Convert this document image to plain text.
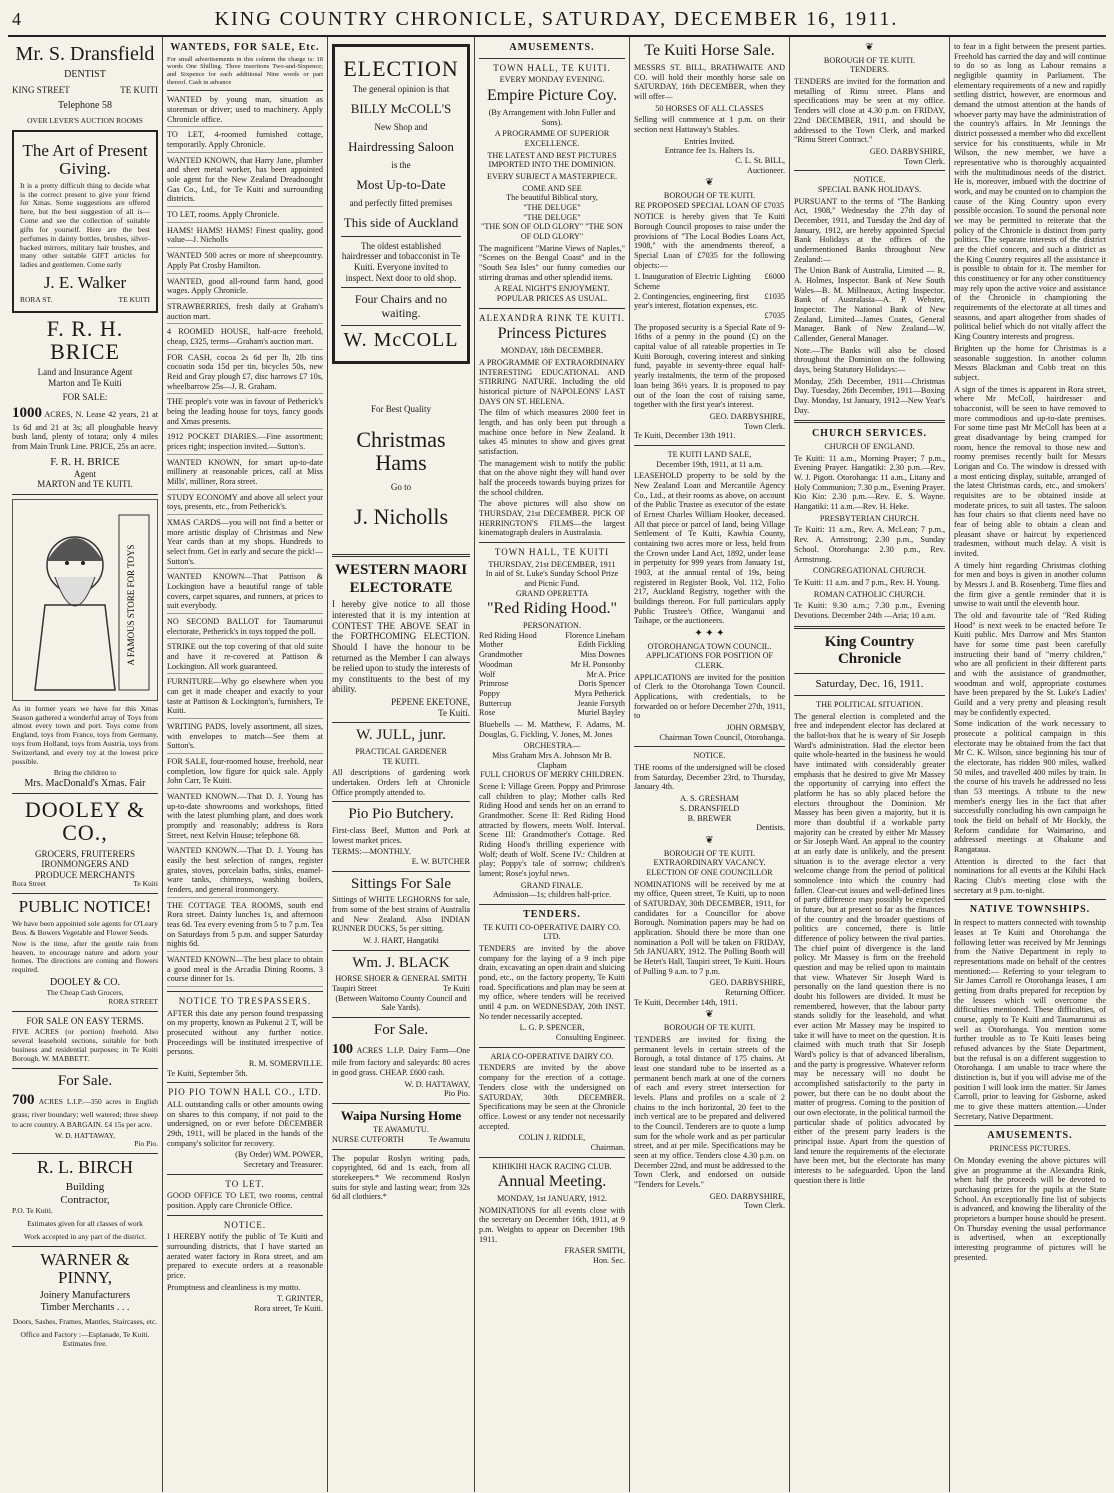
4	KING COUNTRY CHRONICLE, SATURDAY, DECEMBER 16, 1911.
Mr. S. Dransfield
DENTIST
KING STREET	TE KUITI
Telephone 58
OVER LEVER'S AUCTION ROOMS
The Art of Present Giving.

It is a pretty difficult thing to decide what is the correct present to give your friend for Xmas. Some suggestions are offered here, but the best suggestion of all is—Come and see the collection of suitable gifts for yourself. Here are the best perfumes in dainty bottles, brushes, silver-backed mirrors, military hair brushes, and many other suitable GIFT articles for ladies and gentlemen. Come early

J. E. Walker
RORA ST.	TE KUITI
F. R. H. BRICE
Land and Insurance Agent
Marton and Te Kuiti
FOR SALE:

1000 ACRES, N. Lease 42 years, 21 at 1s 6d and 21 at 3s; all ploughable heavy bush land, plenty of totara; only 4 miles from Main Trunk Line. PRICE, 25s an acre.

F. R. H. BRICE
Agent
MARTON and TE KUITI.
A FAMOUS STORE FOR TOYS

As in former years we have for this Xmas Season gathered a wonderful array of Toys from almost every town and port. Toys come from England, toys from France, toys from Germany, toys from Holland, toys from Austria, toys from Switzerland, and every toy at the lowest price possible.

Bring the children to
Mrs. MacDonald's Xmas. Fair
DOOLEY & CO.,
GROCERS, FRUITERERS
IRONMONGERS AND
PRODUCE MERCHANTS
Rora Street	Te Kuiti
PUBLIC NOTICE!

We have been appointed sole agents for O'Leary Bros. & Bowers Vegetable and Flower Seeds.

Now is the time, after the gentle rain from heaven, to encourage nature and adorn your homes. The directions are coming and flowers required.

DOOLEY & CO.
The Cheap Cash Grocers,
RORA STREET
FOR SALE ON EASY TERMS.

FIVE ACRES (or portion) freehold. Also several leasehold sections, suitable for both business and residential purposes; in Te Kuiti Borough. W. MABBETT.

For Sale.

700 ACRES L.I.P.—350 acres in English grass; river boundary; well watered; three sheep to acre country. A BARGAIN. £4 15s per acre.

W. D. HATTAWAY,
Pio Pio.
R. L. BIRCH
Building
Contractor,
P.O. Te Kuiti.
Estimates given for all classes of work
Work accepted in any part of the district.
WARNER & PINNY,
Joinery Manufacturers
Timber Merchants . . .
Doors, Sashes, Frames, Mantles, Staircases, etc.
Office and Factory :—Esplanade, Te Kuiti.
Estimates free.
WANTEDS, FOR SALE, Etc.

For small advertisements in this column the charge is: 18 words One Shilling. Three insertions Two-and-Sixpence; and Sixpence for each additional Nine words or part thereof. Cash in advance

WANTED by young man, situation as storeman or driver; used to machinery. Apply Chronicle office.

TO LET, 4-roomed furnished cottage, temporarily. Apply Chronicle.

WANTED KNOWN, that Harry Jane, plumber and sheet metal worker, has been appointed sole agent for the New Zealand Dreadnought Gas Co., Ltd., for Te Kuiti and surrounding districts.

TO LET, rooms. Apply Chronicle.

HAMS! HAMS! HAMS! Finest quality, good value—J. Nicholls

WANTED 500 acres or more of sheepcountry. Apply Pat Crosby Hamilton.

WANTED, good all-round farm hand, good wages. Apply Chronicle.

STRAWBERRIES, fresh daily at Graham's auction mart.

4 ROOMED HOUSE, half-acre freehold, cheap, £325, terms—Graham's auction mart.

FOR CASH, cocoa 2s 6d per lb, 2lb tins cocoatin soda 15d per tin, bicycles 50s, new Reid and Gray plough £7, disc harrows £7 10s, wheelbarrow 25s—J. R. Graham.

THE people's vote was in favour of Petherick's being the leading house for toys, fancy goods and Xmas presents.

1912 POCKET DIARIES.—Fine assortment; prices right; inspection invited.—Sutton's.

WANTED KNOWN, for smart up-to-date millinery at reasonable prices, call at Miss Mills', milliner, Rora street.

STUDY ECONOMY and above all select your toys, presents, etc., from Petherick's.

XMAS CARDS—you will not find a better or more artistic display of Christmas and New Year cards than at my shops. Hundreds to select from. Get in early and secure the pick!—Sutton's.

WANTED KNOWN—That Pattison & Lockington have a beautiful range of table covers, carpet squares, and runners, at prices to suit everybody.

NO SECOND BALLOT for Taumarunui electorate, Petherick's in toys topped the poll.

STRIKE out the top covering of that old suite and have it re-covered at Pattison & Lockington. All work guaranteed.

FURNITURE—Why go elsewhere when you can get it made cheaper and exactly to your taste at Pattison & Lockington's, furnishers, Te Kuiti.

WRITING PADS, lovely assortment, all sizes, with envelopes to match—See them at Sutton's.

FOR SALE, four-roomed house, freehold, near completion, low figure for quick sale. Apply John Carr, Te Kuiti.

WANTED KNOWN.—That D. J. Young has up-to-date showrooms and workshops, fitted with the latest plumbing plant, and does work promptly and reasonably; address is Rora Street, next Kelvin House; telephone 68.

WANTED KNOWN.—That D. J. Young has easily the best selection of ranges, register grates, stoves, porcelain baths, sinks, enamel-ware tanks, chimneys, washing boilers, fenders, and general ironmongery.

THE COTTAGE TEA ROOMS, south end Rora street. Dainty lunches 1s, and afternoon teas 6d. Tea every evening from 5 to 7 p.m. Tea on Saturdays from 5 p.m. and supper Saturday nights 6d.

WANTED KNOWN—The best place to obtain a good meal is the Arcadia Dining Rooms. 3 course dinner for 1s.

NOTICE TO TRESPASSERS.

AFTER this date any person found trespassing on my property, known as Pukenui 2 T, will be prosecuted without any further notice. Proceedings will be instituted irrespective of persons.

R. M. SOMERVILLE.
Te Kuiti, September 5th.
PIO PIO TOWN HALL CO., LTD.

ALL outstanding calls or other amounts owing on shares to this company, if not paid to the undersigned, on or ever before DECEMBER 29th, 1911, will be placed in the hands of the company's solicitor for recovery.

(By Order) WM. POWER,
Secretary and Treasurer.
TO LET.

GOOD OFFICE TO LET, two rooms, central position. Apply care Chronicle Office.

NOTICE.

I HEREBY notify the public of Te Kuiti and surrounding districts, that I have started an aerated water factory in Rora street, and am prepared to execute orders at a reasonable price.

Promptness and cleanliness is my motto.

T. GRINTER,
Rora street, Te Kuiti.
ELECTION
The general opinion is that
BILLY McCOLL'S
New Shop and
Hairdressing Saloon
is the
Most Up-to-Date
and perfectly fitted premises
This side of Auckland

The oldest established hairdresser and tobacconist in Te Kuiti. Everyone invited to inspect. Next door to old shop.

Four Chairs and no waiting.
W. McCOLL
For Best Quality
Christmas Hams
Go to
J. Nicholls
WESTERN MAORI ELECTORATE

I hereby give notice to all those interested that it is my intention at CONTEST THE ABOVE SEAT in the FORTHCOMING ELECTION. Should I have the honour to be returned as the Member I can always be relied upon to study the interests of my constituents to the best of my ability.

PEPENE EKETONE,
Te Kuiti.
W. JULL, junr.
PRACTICAL GARDENER
TE KUITI.

All descriptions of gardening work undertaken. Orders left at Chronicle Office promptly attended to.

Pio Pio Butchery.

First-class Beef, Mutton and Pork at lowest market prices.

TERMS:—MONTHLY.
E. W. BUTCHER
Sittings For Sale

Sittings of WHITE LEGHORNS for sale, from some of the best strains of Australia and New Zealand. Also INDIAN RUNNER DUCKS, 5s per sitting.

W. J. HART, Hangatiki
Wm. J. BLACK
HORSE SHOER & GENERAL SMITH
Taupiri Street	Te Kuiti
(Between Waitomo County Council and Sale Yards).
For Sale.

100 ACRES L.I.P. Dairy Farm—One mile from factory and saleyards: 80 acres in good grass. CHEAP. £600 cash.

W. D. HATTAWAY,
Pio Pio.
Waipa Nursing Home
TE AWAMUTU.
NURSE CUTFORTH	Te Awamutu

The popular Roslyn writing pads, copyrighted, 6d and 1s each, from all storekeepers.* We recommend Roslyn suits for style and lasting wear; from 32s 6d all clothiers.*

AMUSEMENTS.
TOWN HALL, TE KUITI.
EVERY MONDAY EVENING.
Empire Picture Coy.
(By Arrangement with John Fuller and Sons).

A PROGRAMME OF SUPERIOR EXCELLENCE.

THE LATEST AND BEST PICTURES IMPORTED INTO THE DOMINION.

EVERY SUBJECT A MASTERPIECE.

COME AND SEE
The beautiful Biblical story,
"THE DELUGE"
"THE DELUGE"
"THE SON OF OLD GLORY" "THE SON OF OLD GLORY"

The magnificent "Marine Views of Naples," "Scenes on the Bengal Coast" and in the "South Sea Isles" our funny comedies our stirring dramas and other splendid items.

A REAL NIGHT'S ENJOYMENT. POPULAR PRICES AS USUAL.
ALEXANDRA RINK TE KUITI.
Princess Pictures
MONDAY, 18th DECEMBER.

A PROGRAMME OF EXTRAORDINARY INTERESTING EDUCATIONAL AND STIRRING NATURE. Including the old historical picture of NAPOLEONS' LAST DAYS ON ST. HELENA.

The film of which measures 2000 feet in length, and has only been put through a machine once before in New Zealand. It takes 45 minutes to show and gives great satisfaction.

The management wish to notify the public that on the above night they will hand over half the proceeds towards buying prizes for the school children.

The above pictures will also show on THURSDAY, 21st DECEMBER. PICK OF HERRINGTON'S FILMS—the largest kinematograph dealers in Australasia.

TOWN HALL, TE KUITI
THURSDAY, 21st DECEMBER, 1911
In aid of St. Luke's Sunday School Prize and Picnic Fund.
GRAND OPERETTA
"Red Riding Hood."
PERSONATION.
Red Riding Hood	Florence Lineham
Mother	Edith Fickling
Grandmother	Miss Downes
Woodman	Mr H. Ponsonby
Wolf	Mr A. Price
Primrose	Doris Spencer
Poppy	Myra Petherick
Buttercup	Jeanie Forsyth
Rose	Muriel Bayley

Bluebells — M. Matthew, F. Adams, M. Douglas, G. Fickling, V. Jones, M. Jones

ORCHESTRA—
Miss Graham Mrs A. Johnson Mr B. Clapham
FULL CHORUS OF MERRY CHILDREN.

Scene I: Village Green. Poppy and Primrose call children to play; Mother calls Red Riding Hood and sends her on an errand to Grandmother. Scene II: Red Riding Hood attracted by flowers, meets Wolf. Interval. Scene III: Grandmother's Cottage. Red Riding Hood's thrilling experience with Wolf; death of Wolf. Scene IV.: Children at play; Poppy's tale of sorrow; children's lament; Rose's joyful news.

GRAND FINALE.
Admission—1s; children half-price.
TENDERS.
TE KUITI CO-OPERATIVE DAIRY CO. LTD.

TENDERS are invited by the above company for the laying of a 9 inch pipe drain, excavating an open drain and sluicing pond, etc., on the factory property, Te Kuiti road. Specifications and plan may be seen at my office, where tenders will be received until 4 p.m. on WEDNESDAY, 20th INST. No tender necessarily accepted.

L. G. P. SPENCER,
Consulting Engineer.
ARIA CO-OPERATIVE DAIRY CO.

TENDERS are invited by the above company for the erection of a cottage. Tenders close with the undersigned on SATURDAY, 30th DECEMBER. Specifications may be seen at the Chronicle office. Lowest or any tender not necessarily accepted.

COLIN J. RIDDLE,
Chairman.
KIHIKIHI HACK RACING CLUB.
Annual Meeting.
MONDAY, 1st JANUARY, 1912.

NOMINATIONS for all events close with the secretary on December 16th, 1911, at 9 p.m. Weights to appear on December 19th 1911.

FRASER SMITH,
Hon. Sec.
Te Kuiti Horse Sale.

MESSRS ST. BILL, BRATHWAITE AND CO. will hold their monthly horse sale on SATURDAY, 16th DECEMBER, when they will offer—

50 HORSES OF ALL CLASSES

Selling will commence at 1 p.m. on their section next Hattaway's Stables.

Entries Invited.
Entrance fee 1s. Halters 1s.
C. L. St. BILL,
Auctioneer.
❦
BOROUGH OF TE KUITI.
RE PROPOSED SPECIAL LOAN OF £7035

NOTICE is hereby given that Te Kuiti Borough Council proposes to raise under the provisions of "The Local Bodies Loans Act, 1908," with the amendments thereof, a Special Loan of £7035 for the following objects:—

1. Inauguration of Electric Lighting Scheme
£6000
2. Contingencies, engineering, first year's interest, flotation expenses, etc.
£1035
£7035

The proposed security is a Special Rate of 9-16ths of a penny in the pound (£) on the capital value of all rateable properties in Te Kuiti Borough, covering interest and sinking fund, payable in seventy-three equal half-yearly instalments, the term of the proposed loan being 36½ years. It is proposed to pay out of the loan the cost of raising same, together with the first year's interest.

GEO. DARBYSHIRE,
Town Clerk.
Te Kuiti, December 13th 1911.
TE KUITI LAND SALE,
December 19th, 1911, at 11 a.m.

LEASEHOLD property to be sold by the New Zealand Loan and Mercantile Agency Co., Ltd., at their rooms as above, on account of the Public Trustee as executor of the estate of Ernest Charles William Hooker, deceased. All that piece or parcel of land, being Village Settlement of Te Kuiti, Kawhia County, containing two acres more or less, held from the Crown under Land Act, 1892, under lease in perpetuity for 999 years from January 1st, 1903, at the annual rental of 19s, being registered in Register Book, Vol. 112, Folio 217, Auckland Registry, together with the buildings thereon. For full particulars apply Public Trustee's Office, Wanganui and Taihape, or the auctioneers.

✦ ✦ ✦
OTOROHANGA TOWN COUNCIL.
APPLICATIONS FOR POSITION OF CLERK.

APPLICATIONS are invited for the position of Clerk to the Otorohanga Town Council. Applications, with credentials, to be forwarded on or before December 27th, 1911, to

JOHN ORMSBY,
Chairman Town Council, Otorohanga.
NOTICE.

THE rooms of the undersigned will be closed from Saturday, December 23rd, to Thursday, January 4th.

A. S. GRESHAM
S. DRANSFIELD
B. BREWER
Dentists.
❦
BOROUGH OF TE KUITI.
EXTRAORDINARY VACANCY.
ELECTION OF ONE COUNCILLOR

NOMINATIONS will be received by me at my office, Queen street, Te Kuiti, up to noon of SATURDAY, 30th DECEMBER, 1911, for candidates for a Councillor for above Borough. Nomination papers may be had on application. Should there be more than one nomination a Poll will be taken on FRIDAY, 5th JANUARY, 1912. The Polling Booth will be Hetet's Hall, Taupiri street, Te Kuiti. Hours of Polling 9 a.m. to 7 p.m.

GEO. DARBYSHIRE,
Returning Officer.
Te Kuiti, December 14th, 1911.
❦
BOROUGH OF TE KUITI.

TENDERS are invited for fixing the permanent levels in certain streets of the Borough, a total distance of 175 chains. At least one standard tube to be inserted as a permanent bench mark at one of the corners of each and every street intersection for levels. Plans and profiles on a scale of 2 chains to the inch horizontal, 20 feet to the inch vertical are to be prepared and delivered to the Council. Tenderers are to quote a lump sum for the whole work and as per particular street, and at per mile. Specifications may be seen at my office. Tenders close 4.30 p.m. on December 22nd, and must be addressed to the Town Clerk, and endorsed on outside "Tenders for Levels."

GEO. DARBYSHIRE,
Town Clerk.
❦
BOROUGH OF TE KUITI.
TENDERS.

TENDERS are invited for the formation and metalling of Rimu street. Plans and specifications may be seen at my office. Tenders will close at 4.30 p.m. on FRIDAY, 22nd DECEMBER, 1911, and should be addressed to the Town Clerk, and marked "Rimu Street Contract."

GEO. DARBYSHIRE,
Town Clerk.
NOTICE.
SPECIAL BANK HOLIDAYS.

PURSUANT to the terms of "The Banking Act, 1908," Wednesday the 27th day of December, 1911, and Tuesday the 2nd day of January, 1912, are hereby appointed Special Bank Holidays at the offices of the undermentioned Banks throughout New Zealand:—

The Union Bank of Australia, Limited — R. A. Holmes, Inspector. Bank of New South Wales—B. M. Millneaux, Acting Inspector. Bank of Australasia—A. P. Webster, Inspector. The National Bank of New Zealand, Limited—James Coates, General Manager. Bank of New Zealand—W. Callender, General Manager.

Note.—The Banks will also be closed throughout the Dominion on the following days, being Statutory Holidays:—

Monday, 25th December, 1911—Christmas Day. Tuesday, 26th December, 1911—Boxing Day. Monday, 1st January, 1912—New Year's Day.

CHURCH SERVICES.
CHURCH OF ENGLAND.

Te Kuiti: 11 a.m., Morning Prayer; 7 p.m., Evening Prayer. Hangatiki: 2.30 p.m.—Rev. W. J. Pigott. Otorohanga: 11 a.m., Litany and Holy Communion; 7.30 p.m., Evening Prayer. Kio Kio: 2.30 p.m.—Rev. E. S. Wayne. Hangatiki: 11 a.m.—Rev. H. Heke.

PRESBYTERIAN CHURCH.

Te Kuiti: 11 a.m., Rev. A. McLean; 7 p.m., Rev. A. Armstrong; 2.30 p.m., Sunday School. Otorohanga: 2.30 p.m., Rev. Armstrong.

CONGREGATIONAL CHURCH.

Te Kuiti: 11 a.m. and 7 p.m., Rev. H. Young.

ROMAN CATHOLIC CHURCH.

Te Kuiti: 9.30 a.m.; 7.30 p.m., Evening Devotions. December 24th —Aria; 10 a.m.

King Country Chronicle
Saturday, Dec. 16, 1911.
THE POLITICAL SITUATION.

The general election is completed and the free and independent elector has declared at the ballot-box that he is weary of Sir Joseph Ward's administration. Had the elector been quite whole-hearted in the business he would have intimated with considerably greater emphasis that he desired to give Mr Massey the opportunity of carrying into effect the platform he has so ably placed before the electors throughout the Dominion. Mr Massey has been given a majority, but it is more than doubtful if a workable party majority can be created by either Mr Massey or Sir Joseph Ward. An appeal to the country at an early date is unlikely, and the present situation is to the average elector a very welcome change from the period of political somnolence into which the country had fallen. Clear-cut issues and well-defined lines of party difference may possibly be expected in future, but at present so far as the finances of the country and the broader questions of politics are concerned, there is little difference of policy between the rival parties. The chief point of divergence is the land policy. Mr Massey is firm on the freehold question and may be relied upon to maintain that view. Whatever Sir Joseph Ward is personally on the land question there is no doubt his followers are divided. It must be remembered, however, that the labour party stands solidly for the leasehold, and what ever action Mr Massey may be inspired to take it will have to meet on the question. It is claimed with much truth that Sir Joseph Ward's policy is that of advanced liberalism, and the party is progressive. Whatever reform may be necessary will no doubt be accomplished satisfactorily to the party in power, but there can be no doubt about the matter of progress. Coming to the position of our own electorate, in the political turmoil the particular shade of politics advocated by either of the present party leaders is the principal issue. Apart from the question of land tenure the requirements of the electorate have been met, but the electorate has many interests to be safeguarded. Upon the land question there is little

to fear in a fight between the present parties. Freehold has carried the day and will continue to do so as long as Labour remains a negligible quantity in Parliament. The elementary requirements of a new and rapidly settling district, however, are enormous and demand the utmost attention at the hands of whoever party may have the administration of the country's affairs. In Mr Jennings the district possessed a member who did excellent service for his constituents, while in Mr Wilson, the new member, we have a representative who is thoroughly acquainted with the multitudinous needs of the district. He is, moreover, imbued with the doctrine of work, and may be counted on to champion the cause of the King Country upon every possible occasion. To sound the personal note we may be permitted to reiterate that the policy of the Chronicle is distinct from party politics. The separate interests of the district are the chief concern, and such a district as the King Country requires all the assistance it is possible to obtain for it. The member for this constituency or for any other constituency may rely upon the active voice and assistance of the Chronicle in championing the requirements of the electorate at all times and seasons, and apart altogether from shades of political belief which do not vitally affect the King Country interests and progress.

Brighten up the home for Christmas is a seasonable suggestion. In another column Messrs Blackman and Cobb treat on this subject.

A sign of the times is apparent in Rora street, where Mr McColl, hairdresser and tobacconist, will be seen to have removed to more commodious and up-to-date premises. For some time past Mr McColl has been at a great disadvantage by being cramped for room, hence the removal to those new and roomy premises recently built for Messrs Lorigan and Co. The window is dressed with a most enticing display, suitable, arranged of the latest Christmas cards, etc., and smokers' requisites are to be obtained inside at moderate prices, to suit all tastes. The saloon has four chairs so that clients need have no fear of being able to obtain a clean and pleasant shave or haircut by experienced tradesmen, without much delay. A visit is invited.

A timely hint regarding Christmas clothing for men and boys is given in another column by Messrs J. and B. Rosenberg. Time flies and the firm give a gentle reminder that it is unwise to wait until the eleventh hour.

The old and favourite tale of "Red Riding Hood" is next week to be enacted before Te Kuiti public. Mrs Darrow and Mrs Stanton have for some time past been carefully instructing their band of "merry children," who are all proficient in their different parts and with the assistance of grandmother, woodman and wolf, appropriate costumes have been prepared by the St. Luke's Ladies' Guild and a very pretty and pleasing result may be confidently expected.

Some indication of the work necessary to prosecute a political campaign in this electorate may be obtained from the fact that Mr C. K. Wilson, since beginning his tour of the electorate, has ridden 900 miles, walked 50 miles, and travelled 400 miles by train. In the course of his travels he addressed no less than 53 meetings. A tribute to the new member's energy lies in the fact that after successfully concluding his own campaign he took the field on behalf of Mr Hockly, the Reform candidate for Waimarino, and addressed meetings at Ohakune and Rangataua.

Attention is directed to the fact that nominations for all events at the Kihihi Hack Racing Club's meeting close with the secretary at 9 p.m. to-night.

NATIVE TOWNSHIPS.

In respect to matters connected with township leases at Te Kuiti and Otorohanga the following letter was received by Mr Jennings from the Native Department in reply to representations made on behalf of the centres mentioned:— Referring to your telegram to Sir James Carroll re Otorohanga leases, I am getting from drafts prepared for reception by the lessees which will overcome the difficulties mentioned. These difficulties, of course, apply to Te Kuiti and Taumarunui as well as Otorohanga. You mention some further trouble as to Te Kuiti leases being refused advances by the State Department, but the refusal is on a different suggestion to Otorohanga. I am unable to trace where the distinction is, but if you will advise me of the position I will look into the matter. Sir James Carroll, prior to leaving for Gisborne, asked me to give these matters attention.—Under Secretary, Native Department.

AMUSEMENTS.
PRINCESS PICTURES.

On Monday evening the above pictures will give an programme at the Alexandra Rink, when half the proceeds will be devoted to purchasing prizes for the pupils at the State School. An exceptionally fine list of subjects is advanced, and knowing the liberality of the proprietors a bumper house should be present. On Thursday evening the usual performance is advertised, when an exceptionally interesting programme of pictures will be presented.
